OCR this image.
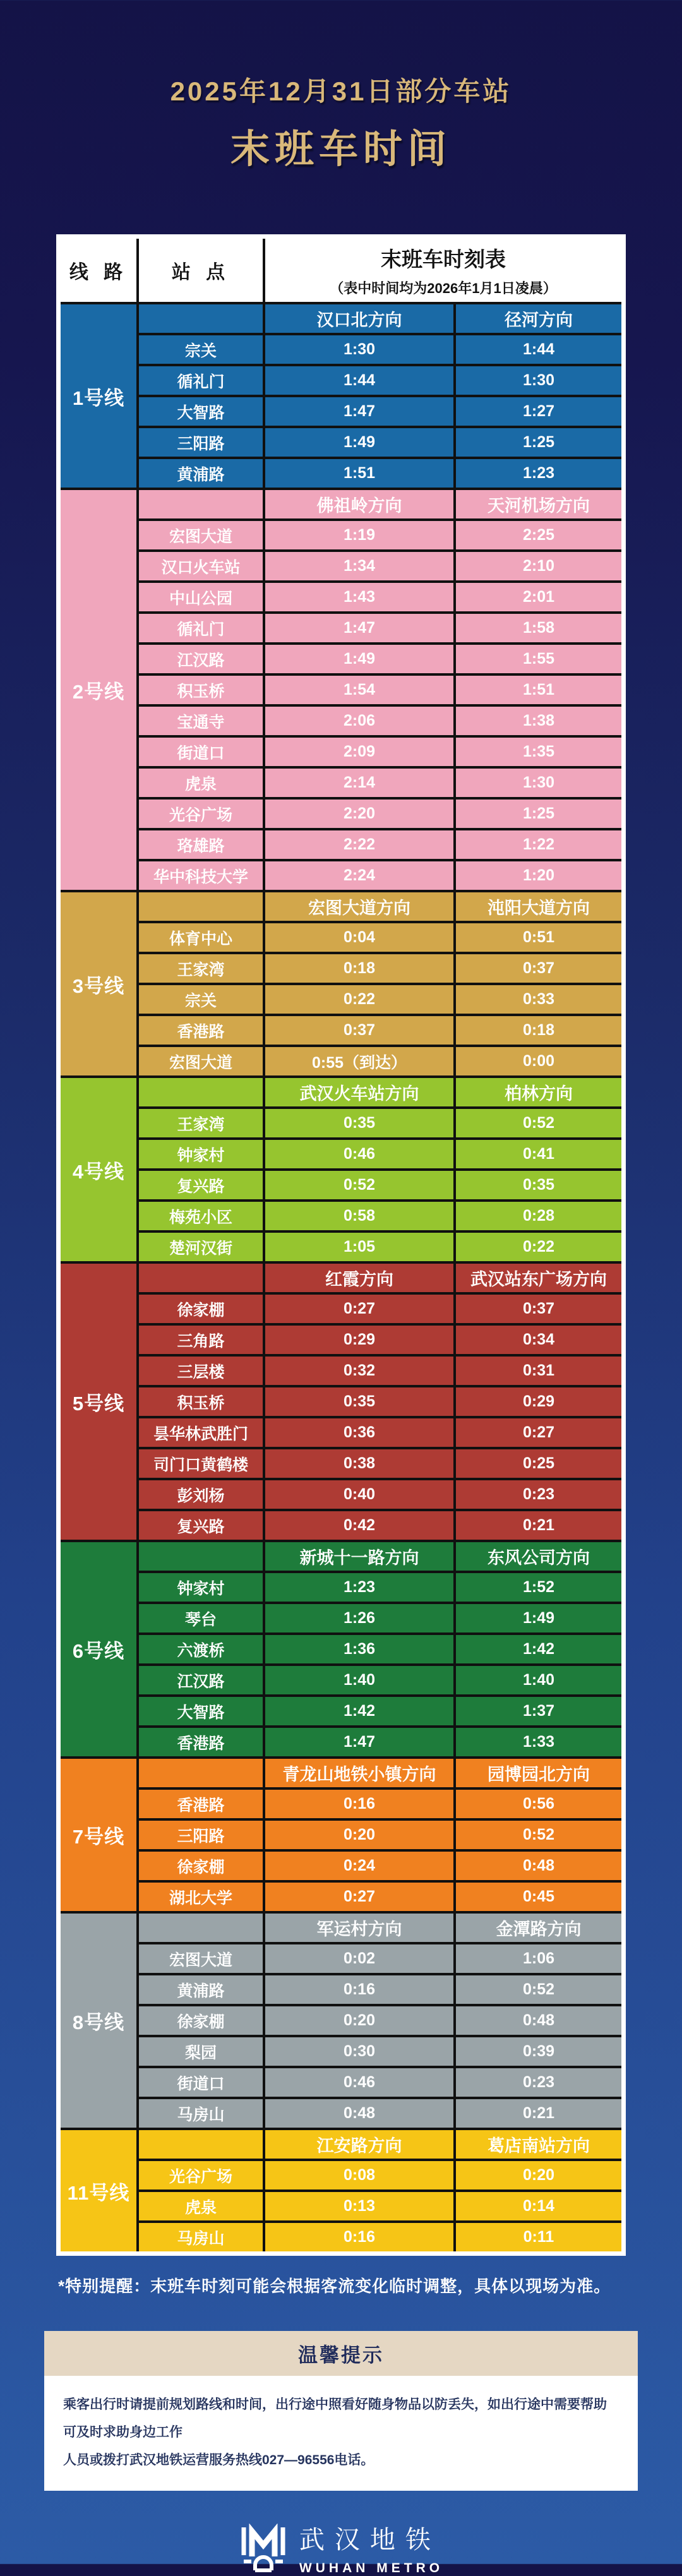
2025年12月31日部分车站
末班车时间
线 路	站 点
末班车时刻表
（表中时间均为2026年1月1日凌晨）
1号线
汉口北方向	径河方向
宗关	1:30	1:44
循礼门	1:44	1:30
大智路	1:47	1:27
三阳路	1:49	1:25
黄浦路	1:51	1:23
2号线
佛祖岭方向	天河机场方向
宏图大道	1:19	2:25
汉口火车站	1:34	2:10
中山公园	1:43	2:01
循礼门	1:47	1:58
江汉路	1:49	1:55
积玉桥	1:54	1:51
宝通寺	2:06	1:38
街道口	2:09	1:35
虎泉	2:14	1:30
光谷广场	2:20	1:25
珞雄路	2:22	1:22
华中科技大学	2:24	1:20
3号线
宏图大道方向	沌阳大道方向
体育中心	0:04	0:51
王家湾	0:18	0:37
宗关	0:22	0:33
香港路	0:37	0:18
宏图大道	0:55（到达）	0:00
4号线
武汉火车站方向	柏林方向
王家湾	0:35	0:52
钟家村	0:46	0:41
复兴路	0:52	0:35
梅苑小区	0:58	0:28
楚河汉街	1:05	0:22
5号线
红霞方向	武汉站东广场方向
徐家棚	0:27	0:37
三角路	0:29	0:34
三层楼	0:32	0:31
积玉桥	0:35	0:29
昙华林武胜门	0:36	0:27
司门口黄鹤楼	0:38	0:25
彭刘杨	0:40	0:23
复兴路	0:42	0:21
6号线
新城十一路方向	东风公司方向
钟家村	1:23	1:52
琴台	1:26	1:49
六渡桥	1:36	1:42
江汉路	1:40	1:40
大智路	1:42	1:37
香港路	1:47	1:33
7号线
青龙山地铁小镇方向	园博园北方向
香港路	0:16	0:56
三阳路	0:20	0:52
徐家棚	0:24	0:48
湖北大学	0:27	0:45
8号线
军运村方向	金潭路方向
宏图大道	0:02	1:06
黄浦路	0:16	0:52
徐家棚	0:20	0:48
梨园	0:30	0:39
街道口	0:46	0:23
马房山	0:48	0:21
11号线
江安路方向	葛店南站方向
光谷广场	0:08	0:20
虎泉	0:13	0:14
马房山	0:16	0:11
*特别提醒：末班车时刻可能会根据客流变化临时调整，具体以现场为准。
温馨提示
乘客出行时请提前规划路线和时间，出行途中照看好随身物品以防丢失，如出行途中需要帮助可及时求助身边工作
人员或拨打武汉地铁运营服务热线027—96556电话。
武汉地铁
WUHAN METRO
